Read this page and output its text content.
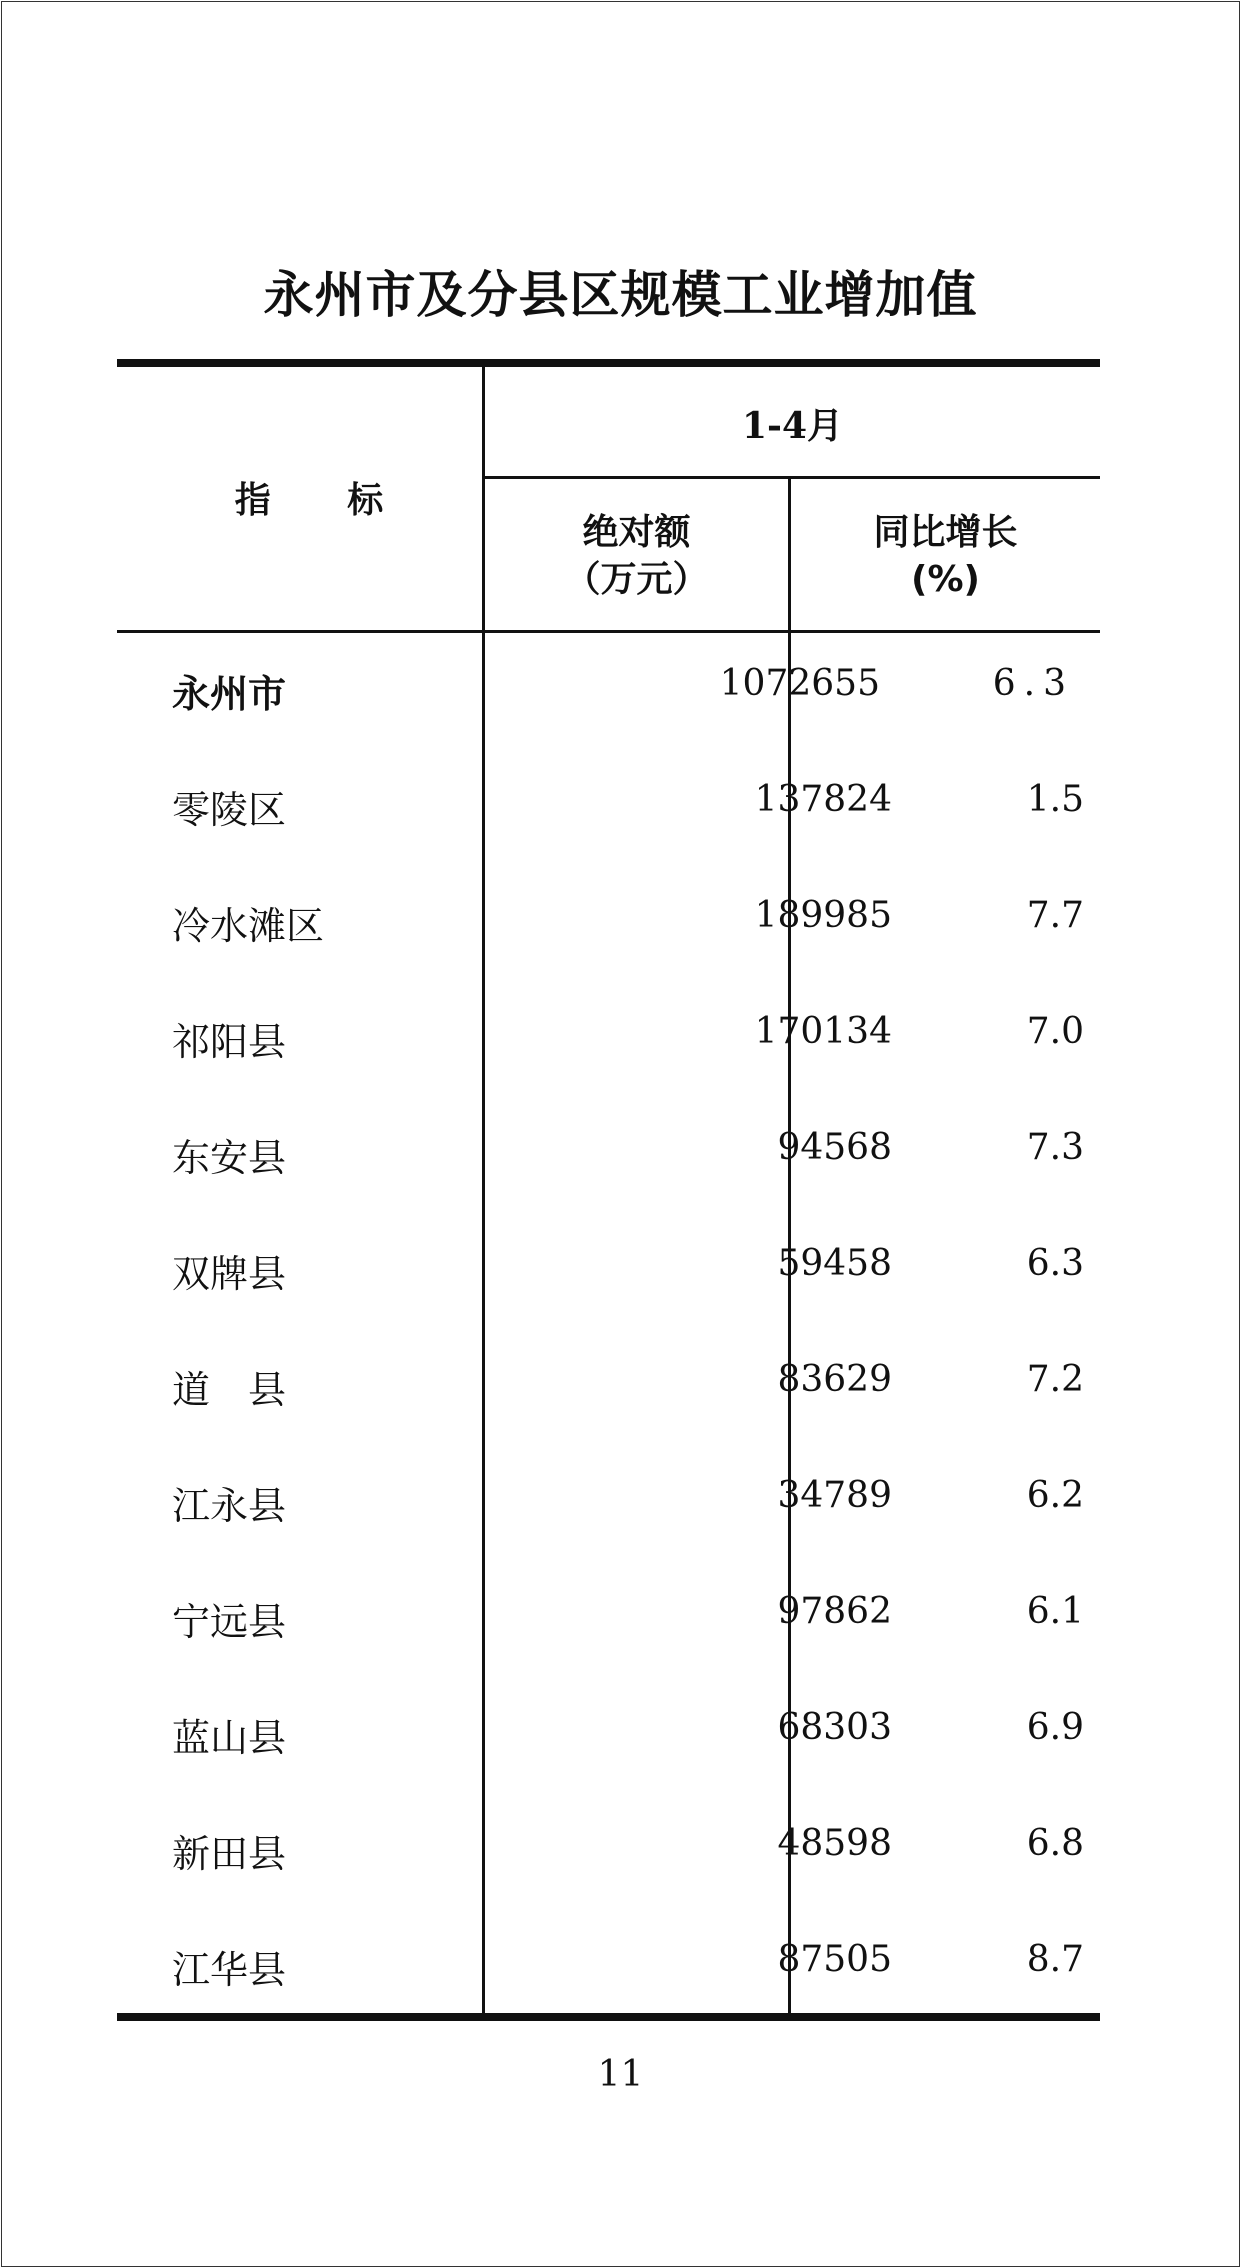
永州市及分县区规模工业增加值
指 标
1-4月
绝对额
（万元）
同比增长
(%)
永州市	1072655	6.3
零陵区	137824	1.5
冷水滩区	189985	7.7
祁阳县	170134	7.0
东安县	94568	7.3
双牌县	59458	6.3
道　县	83629	7.2
江永县	34789	6.2
宁远县	97862	6.1
蓝山县	68303	6.9
新田县	48598	6.8
江华县	87505	8.7
11
